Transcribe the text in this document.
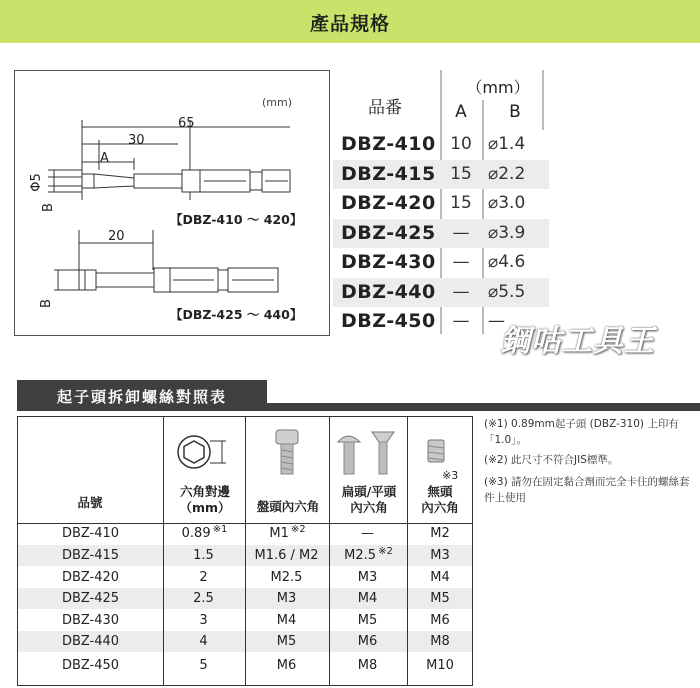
產品規格
(mm)
65
30
A
Φ5
B
【DBZ-410 ～ 420】
20
B
【DBZ-425 ～ 440】
品番
（mm）
A	B
DBZ-410 10 ⌀1.4
DBZ-415 15 ⌀2.2
DBZ-420 15 ⌀3.0
DBZ-425 —	⌀3.9
DBZ-430 —	⌀4.6
DBZ-440 —	⌀5.5
DBZ-450 —	—
鋼咕工具王
起子頭拆卸螺絲對照表
品號
六角對邊
（mm）	盤頭內六角
扁頭/平頭
內六角
無頭
內六角
※3
DBZ-410	0.89 $^{※1}$	M1 $^{※2}$	—	M2
DBZ-415	1.5	M1.6 / M2	M2.5 $^{※2}$	M3
DBZ-420	2	M2.5	M3	M4
DBZ-425	2.5	M3	M4	M5
DBZ-430	3	M4	M5	M6
DBZ-440	4	M5	M6	M8
DBZ-450	5	M6	M8	M10
(※1) 0.89mm起子頭 (DBZ-310) 上印有「1.0」。
(※2) 此尺寸不符合JIS標準。
(※3) 請勿在固定黏合劑而完全卡住的螺絲套件上使用
